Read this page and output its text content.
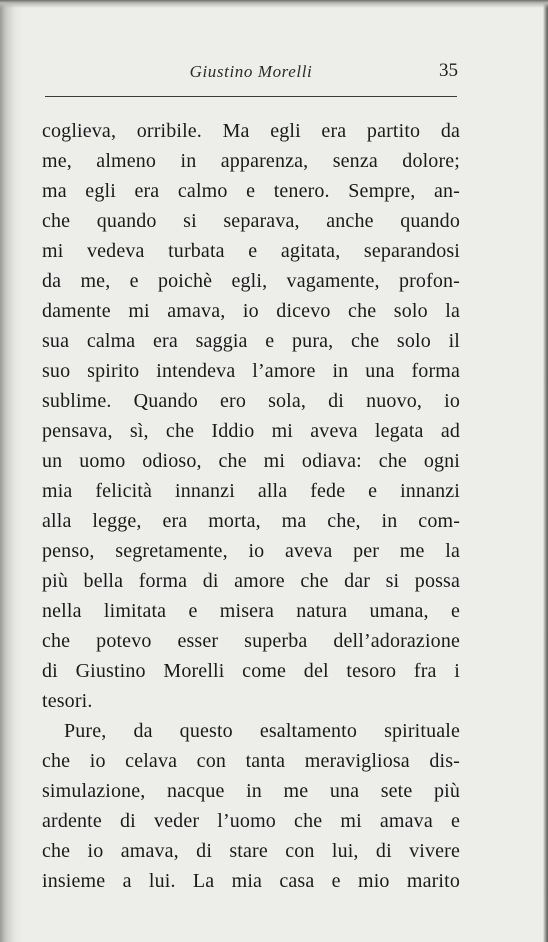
Giustino Morelli	35
coglieva, orribile. Ma egli era partito da
me, almeno in apparenza, senza dolore;
ma egli era calmo e tenero. Sempre, an-
che quando si separava, anche quando
mi vedeva turbata e agitata, separandosi
da me, e poichè egli, vagamente, profon-
damente mi amava, io dicevo che solo la
sua calma era saggia e pura, che solo il
suo spirito intendeva l’amore in una forma
sublime. Quando ero sola, di nuovo, io
pensava, sì, che Iddio mi aveva legata ad
un uomo odioso, che mi odiava: che ogni
mia felicità innanzi alla fede e innanzi
alla legge, era morta, ma che, in com-
penso, segretamente, io aveva per me la
più bella forma di amore che dar si possa
nella limitata e misera natura umana, e
che potevo esser superba dell’adorazione
di Giustino Morelli come del tesoro fra i
tesori.
Pure, da questo esaltamento spirituale
che io celava con tanta meravigliosa dis-
simulazione, nacque in me una sete più
ardente di veder l’uomo che mi amava e
che io amava, di stare con lui, di vivere
insieme a lui. La mia casa e mio marito
